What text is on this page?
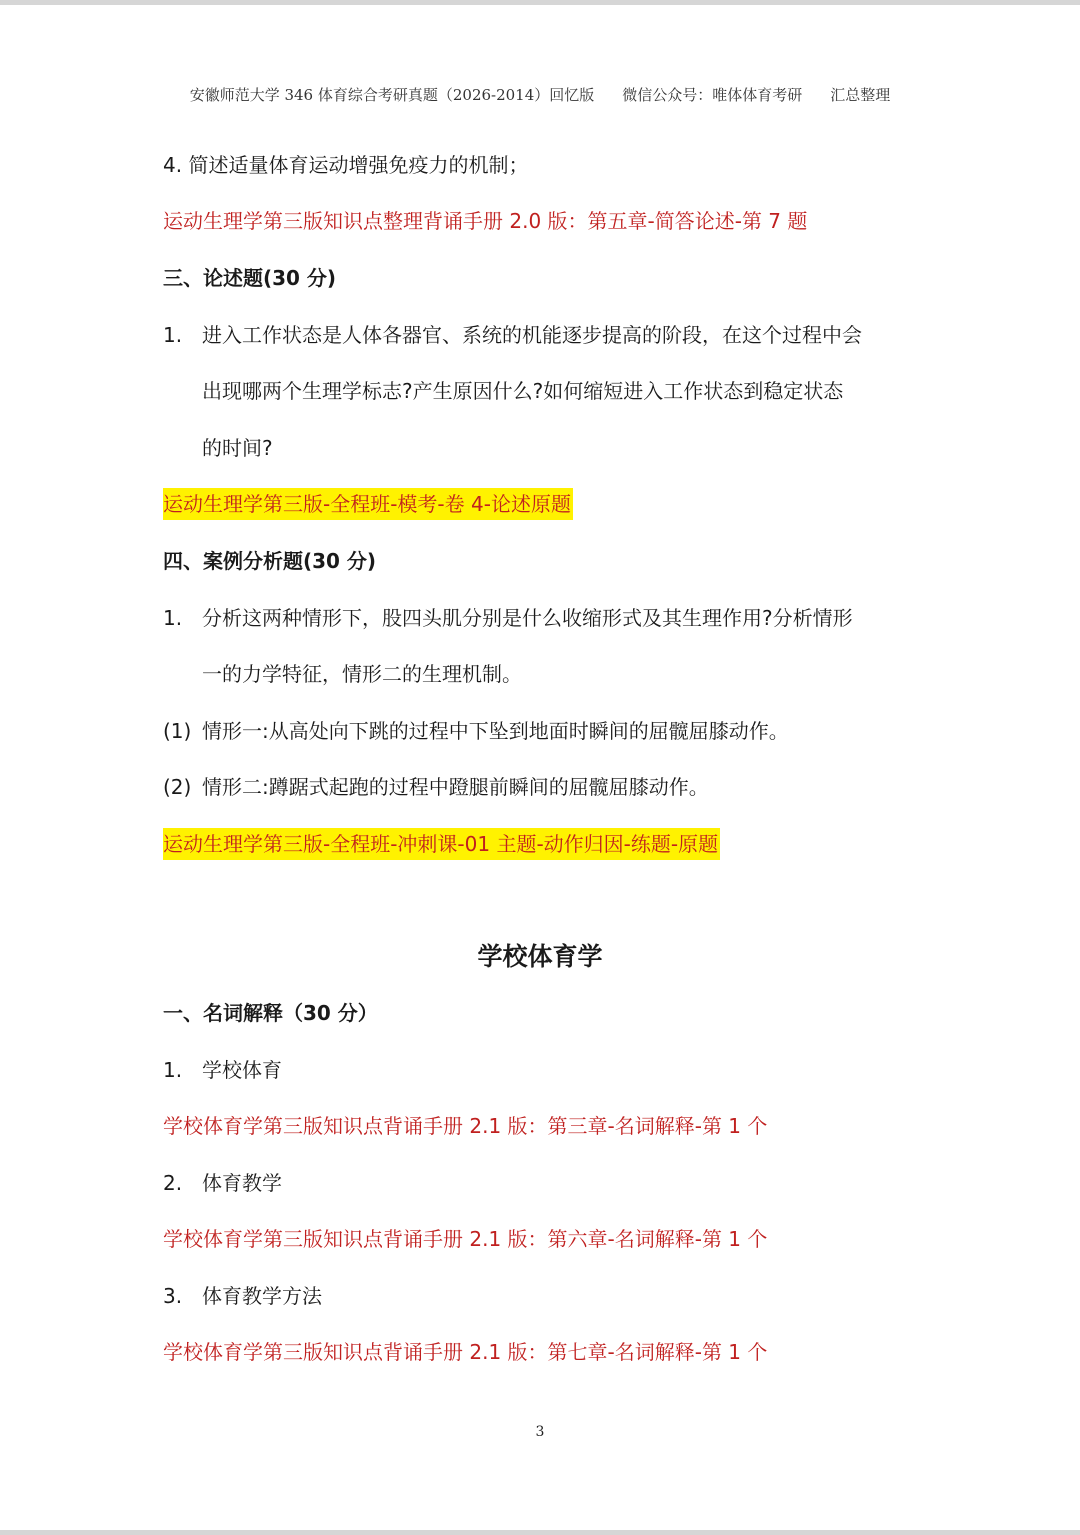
安徽师范大学 346 体育综合考研真题（2026-2014）回忆版 微信公众号：唯体体育考研 汇总整理
4. 简述适量体育运动增强免疫力的机制；
运动生理学第三版知识点整理背诵手册 2.0 版：第五章-简答论述-第 7 题
三、论述题(30 分)
1. 进入工作状态是人体各器官、系统的机能逐步提高的阶段，在这个过程中会
出现哪两个生理学标志?产生原因什么?如何缩短进入工作状态到稳定状态
的时间?
运动生理学第三版-全程班-模考-卷 4-论述原题
四、案例分析题(30 分)
1. 分析这两种情形下，股四头肌分别是什么收缩形式及其生理作用?分析情形
一的力学特征，情形二的生理机制。
(1) 情形一:从高处向下跳的过程中下坠到地面时瞬间的屈髋屈膝动作。
(2) 情形二:蹲踞式起跑的过程中蹬腿前瞬间的屈髋屈膝动作。
运动生理学第三版-全程班-冲刺课-01 主题-动作归因-练题-原题
学校体育学
一、名词解释（30 分）
1. 学校体育
学校体育学第三版知识点背诵手册 2.1 版：第三章-名词解释-第 1 个
2. 体育教学
学校体育学第三版知识点背诵手册 2.1 版：第六章-名词解释-第 1 个
3. 体育教学方法
学校体育学第三版知识点背诵手册 2.1 版：第七章-名词解释-第 1 个
3
